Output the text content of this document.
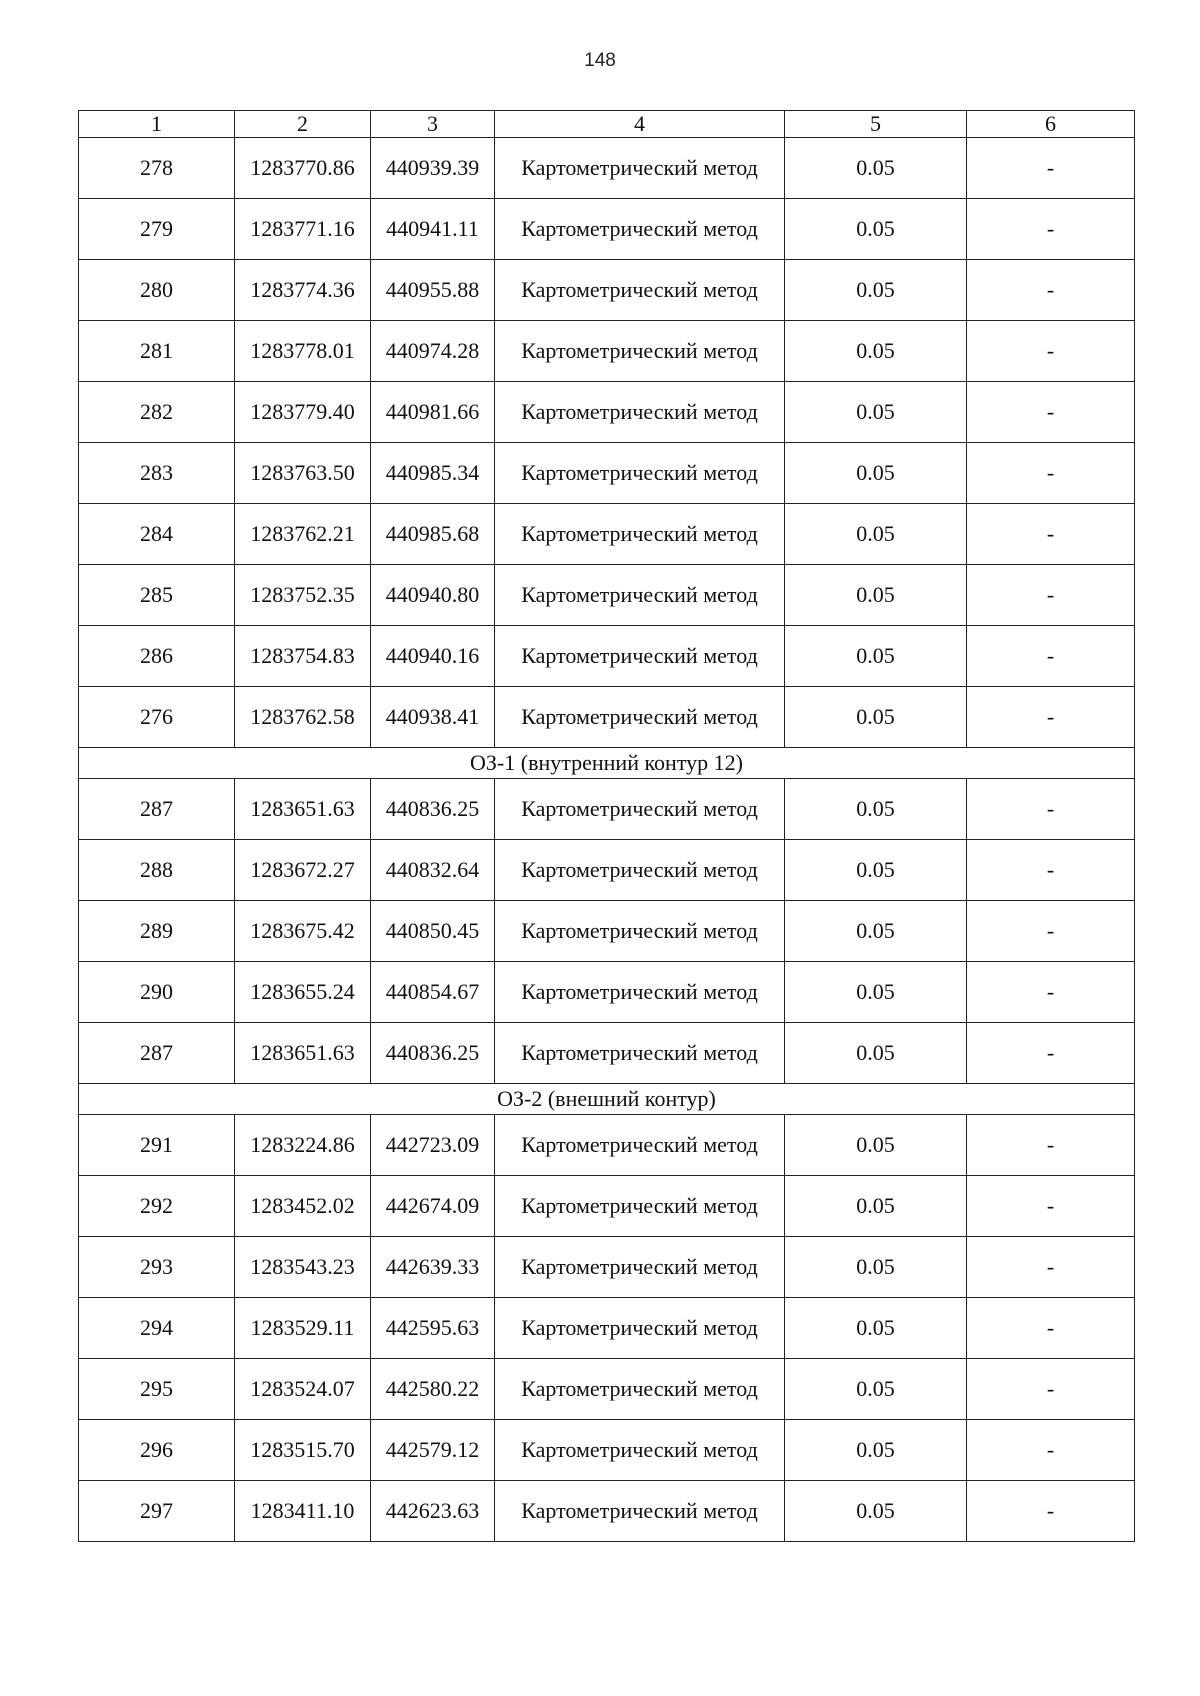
148
1	2	3	4	5	6
278	1283770.86	440939.39	Картометрический метод	0.05	-
279	1283771.16	440941.11	Картометрический метод	0.05	-
280	1283774.36	440955.88	Картометрический метод	0.05	-
281	1283778.01	440974.28	Картометрический метод	0.05	-
282	1283779.40	440981.66	Картометрический метод	0.05	-
283	1283763.50	440985.34	Картометрический метод	0.05	-
284	1283762.21	440985.68	Картометрический метод	0.05	-
285	1283752.35	440940.80	Картометрический метод	0.05	-
286	1283754.83	440940.16	Картометрический метод	0.05	-
276	1283762.58	440938.41	Картометрический метод	0.05	-
ОЗ-1 (внутренний контур 12)					
287	1283651.63	440836.25	Картометрический метод	0.05	-
288	1283672.27	440832.64	Картометрический метод	0.05	-
289	1283675.42	440850.45	Картометрический метод	0.05	-
290	1283655.24	440854.67	Картометрический метод	0.05	-
287	1283651.63	440836.25	Картометрический метод	0.05	-
ОЗ-2 (внешний контур)					
291	1283224.86	442723.09	Картометрический метод	0.05	-
292	1283452.02	442674.09	Картометрический метод	0.05	-
293	1283543.23	442639.33	Картометрический метод	0.05	-
294	1283529.11	442595.63	Картометрический метод	0.05	-
295	1283524.07	442580.22	Картометрический метод	0.05	-
296	1283515.70	442579.12	Картометрический метод	0.05	-
297	1283411.10	442623.63	Картометрический метод	0.05	-
